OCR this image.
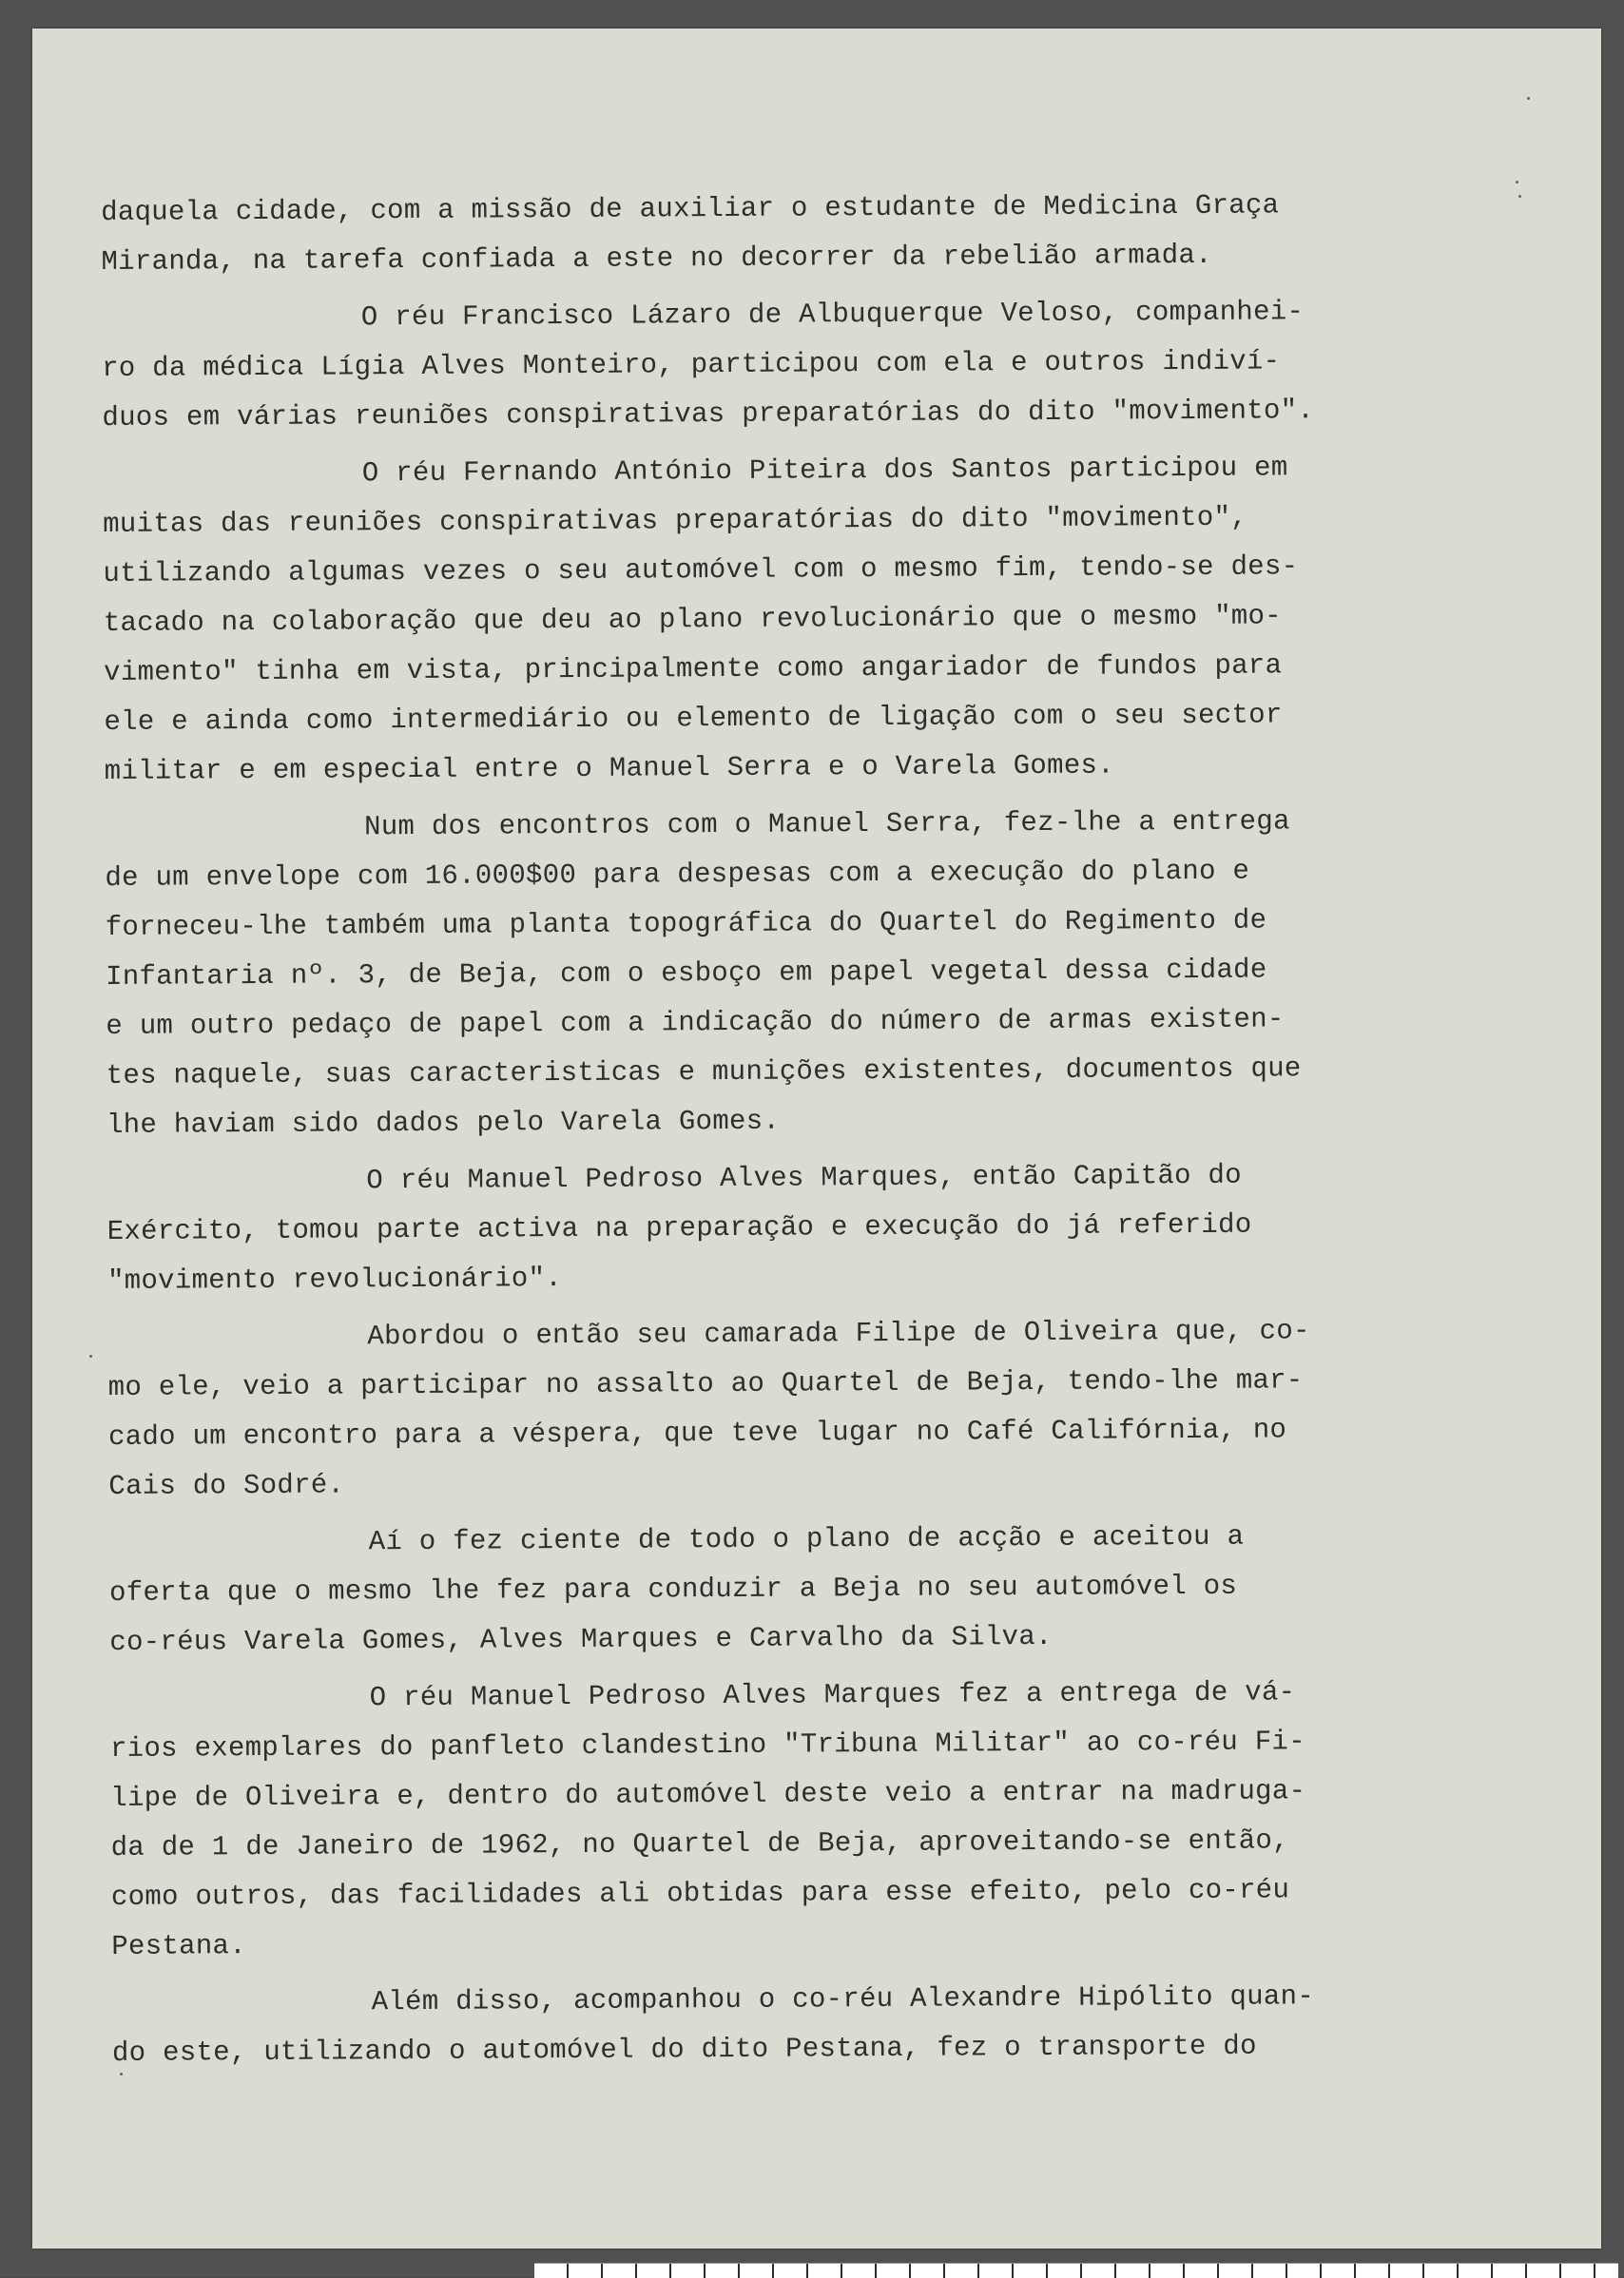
daquela cidade, com a missão de auxiliar o estudante de Medicina Graça
Miranda, na tarefa confiada a este no decorrer da rebelião armada.
O réu Francisco Lázaro de Albuquerque Veloso, companhei-
ro da médica Lígia Alves Monteiro, participou com ela e outros indiví-
duos em várias reuniões conspirativas preparatórias do dito "movimento".
O réu Fernando António Piteira dos Santos participou em
muitas das reuniões conspirativas preparatórias do dito "movimento",
utilizando algumas vezes o seu automóvel com o mesmo fim, tendo-se des-
tacado na colaboração que deu ao plano revolucionário que o mesmo "mo-
vimento" tinha em vista, principalmente como angariador de fundos para
ele e ainda como intermediário ou elemento de ligação com o seu sector
militar e em especial entre o Manuel Serra e o Varela Gomes.
Num dos encontros com o Manuel Serra, fez-lhe a entrega
de um envelope com 16.000$00 para despesas com a execução do plano e
forneceu-lhe também uma planta topográfica do Quartel do Regimento de
Infantaria nº. 3, de Beja, com o esboço em papel vegetal dessa cidade
e um outro pedaço de papel com a indicação do número de armas existen-
tes naquele, suas caracteristicas e munições existentes, documentos que
lhe haviam sido dados pelo Varela Gomes.
O réu Manuel Pedroso Alves Marques, então Capitão do
Exército, tomou parte activa na preparação e execução do já referido
"movimento revolucionário".
Abordou o então seu camarada Filipe de Oliveira que, co-
mo ele, veio a participar no assalto ao Quartel de Beja, tendo-lhe mar-
cado um encontro para a véspera, que teve lugar no Café Califórnia, no
Cais do Sodré.
Aí o fez ciente de todo o plano de acção e aceitou a
oferta que o mesmo lhe fez para conduzir a Beja no seu automóvel os
co-réus Varela Gomes, Alves Marques e Carvalho da Silva.
O réu Manuel Pedroso Alves Marques fez a entrega de vá-
rios exemplares do panfleto clandestino "Tribuna Militar" ao co-réu Fi-
lipe de Oliveira e, dentro do automóvel deste veio a entrar na madruga-
da de 1 de Janeiro de 1962, no Quartel de Beja, aproveitando-se então,
como outros, das facilidades ali obtidas para esse efeito, pelo co-réu
Pestana.
Além disso, acompanhou o co-réu Alexandre Hipólito quan-
do este, utilizando o automóvel do dito Pestana, fez o transporte do
